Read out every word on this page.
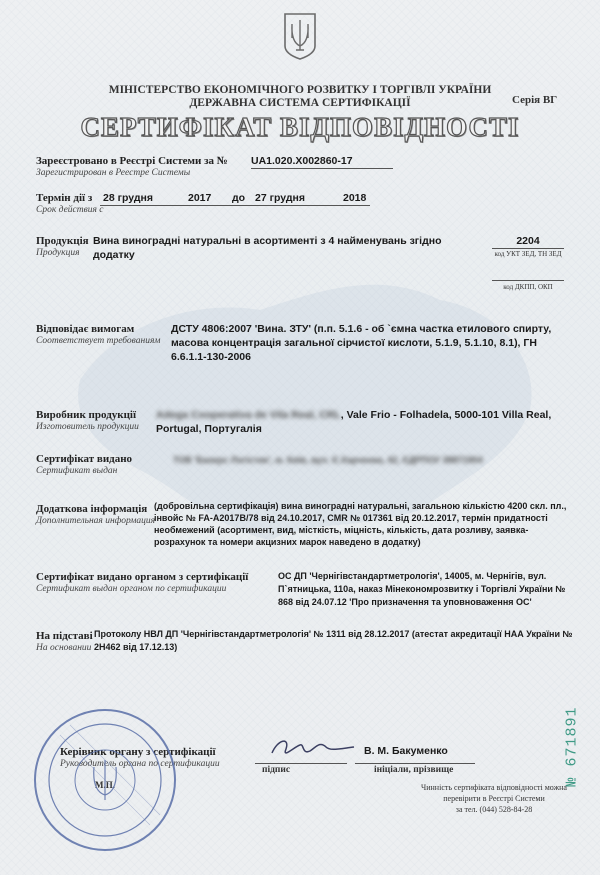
МІНІСТЕРСТВО ЕКОНОМІЧНОГО РОЗВИТКУ І ТОРГІВЛІ УКРАЇНИ
ДЕРЖАВНА СИСТЕМА СЕРТИФІКАЦІЇ	Серія ВГ
СЕРТИФІКАТ ВІДПОВІДНОСТІ
Зареєстровано в Реєстрі Системи за №
Зарегистрирован в Реестре Системы
UA1.020.X002860-17
Термін дії з
Срок действия с
28 грудня	2017 до 27 грудня	2018
Продукція
Продукция
Вина виноградні натуральні в асортименті з 4 найменувань згідно додатку
2204
код УКТ ЗЕД, ТН ЗЕД
код ДКПП, ОКП
Відповідає вимогам
Соответствует требованиям
ДСТУ 4806:2007 'Вина. ЗТУ' (п.п. 5.1.6 - об `ємна частка етилового спирту, масова концентрація загальної сірчистої кислоти, 5.1.9, 5.1.10, 8.1), ГН 6.6.1.1-130-2006
Виробник продукції
Изготовитель продукции
Adega Cooperativa de Vila Real, CRL, Vale Frio - Folhadela, 5000-101 Villa Real, Portugal, Португалія
Сертифікат видано
Сертификат выдан
ТОВ 'Бахерс Логістик', м. Київ, вул. Є.Харченка, 42, ЄДРПОУ 38871904
Додаткова інформація
Дополнительная информация
(добровільна сертифікація) вина виноградні натуральні, загальною кількістю 4200 скл. пл., інвойс № FA-A2017B/78 від 24.10.2017, CMR № 017361 від 20.12.2017, термін придатності необмежений (асортимент, вид, місткість, міцність, кількість, дата розливу, заявка-розрахунок та номери акцизних марок наведено в додатку)
Сертифікат видано органом з сертифікації
Сертификат выдан органом по сертификации
ОС ДП 'Чернігівстандартметрологія', 14005, м. Чернігів, вул. П`ятницька, 110а, наказ Мінекономрозвитку і Торгівлі України № 868 від 24.07.12 'Про призначення та уповноваження ОС'
На підставі
На основании
Протоколу НВЛ ДП 'Чернігівстандартметрологія' № 1311 від 28.12.2017 (атестат акредитації НАА України № 2Н462 від 17.12.13)
№ 671891
Керівник органу з сертифікації
Руководитель органа по сертификации
М.П.
В. М. Бакуменко
підпис	ініціали, прізвище
Чинність сертифіката відповідності можна
перевірити в Реєстрі Системи
за тел. (044) 528-84-28
